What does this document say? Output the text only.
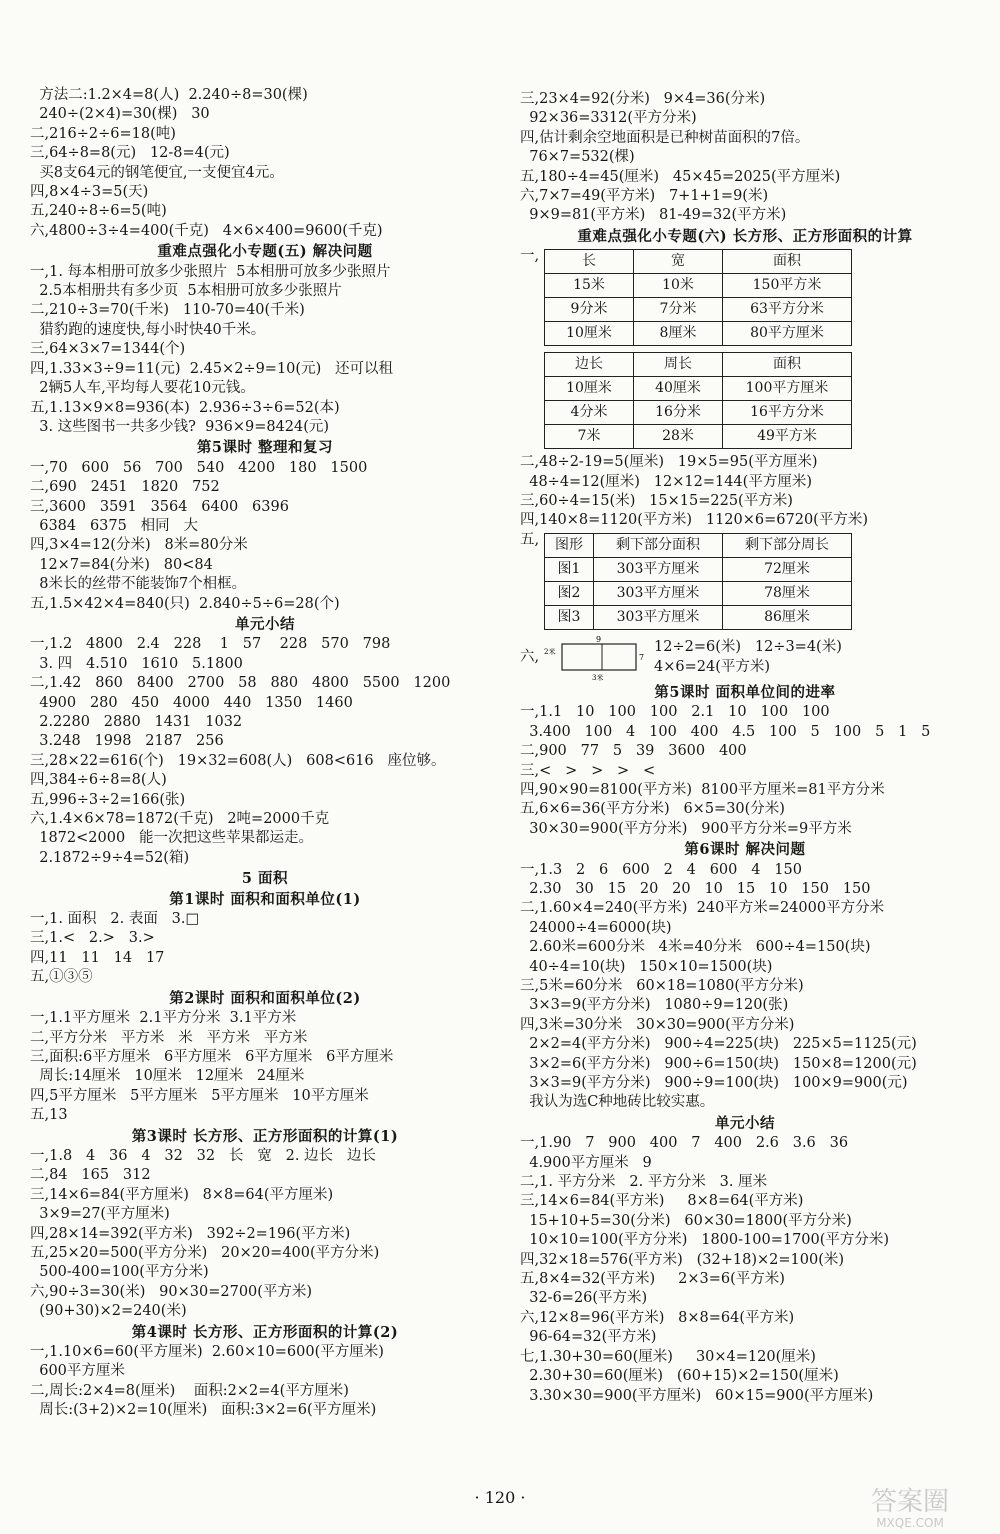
方法二:1.2×4=8(人)  2.240÷8=30(棵)
240÷(2×4)=30(棵)   30
二,216÷2÷6=18(吨)
三,64÷8=8(元)   12-8=4(元)
买8支64元的钢笔便宜,一支便宜4元。
四,8×4÷3=5(天)
五,240÷8÷6=5(吨)
六,4800÷3÷4=400(千克)   4×6×400=9600(千克)
重难点强化小专题(五) 解决问题
一,1. 每本相册可放多少张照片  5本相册可放多少张照片
2.5本相册共有多少页  5本相册可放多少张照片
二,210÷3=70(千米)   110-70=40(千米)
猎豹跑的速度快,每小时快40千米。
三,64×3×7=1344(个)
四,1.33×3÷9=11(元)  2.45×2÷9=10(元)   还可以租
2辆5人车,平均每人要花10元钱。
五,1.13×9×8=936(本)  2.936÷3÷6=52(本)
3. 这些图书一共多少钱?  936×9=8424(元)
第5课时 整理和复习
一,70   600   56   700   540   4200   180   1500
二,690   2451   1820   752
三,3600   3591   3564   6400   6396
6384   6375   相同   大
四,3×4=12(分米)   8米=80分米
12×7=84(分米)   80<84
8米长的丝带不能装饰7个相框。
五,1.5×42×4=840(只)  2.840÷5÷6=28(个)
单元小结
一,1.2   4800   2.4   228    1   57    228   570   798
3. 四   4.510   1610   5.1800
二,1.42   860   8400   2700   58   880   4800   5500   1200
4900   280   450   4000   440   1350   1460
2.2280   2880   1431   1032
3.248   1998   2187   256
三,28×22=616(个)   19×32=608(人)   608<616   座位够。
四,384÷6÷8=8(人)
五,996÷3÷2=166(张)
六,1.4×6×78=1872(千克)   2吨=2000千克
1872<2000   能一次把这些苹果都运走。
2.1872÷9÷4=52(箱)
5 面积
第1课时 面积和面积单位(1)
一,1. 面积   2. 表面   3.□
三,1.<   2.>   3.>
四,11   11   14   17
五,①③⑤
第2课时 面积和面积单位(2)
一,1.1平方厘米  2.1平方分米  3.1平方米
二,平方分米   平方米   米   平方米   平方米
三,面积:6平方厘米   6平方厘米   6平方厘米   6平方厘米
周长:14厘米   10厘米   12厘米   24厘米
四,5平方厘米   5平方厘米   5平方厘米   10平方厘米
五,13
第3课时 长方形、正方形面积的计算(1)
一,1.8   4   36   4   32   32   长   宽   2. 边长   边长
二,84   165   312
三,14×6=84(平方厘米)   8×8=64(平方厘米)
3×9=27(平方厘米)
四,28×14=392(平方米)   392÷2=196(平方米)
五,25×20=500(平方分米)   20×20=400(平方分米)
500-400=100(平方分米)
六,90÷3=30(米)   90×30=2700(平方米)
(90+30)×2=240(米)
第4课时 长方形、正方形面积的计算(2)
一,1.10×6=60(平方厘米)  2.60×10=600(平方厘米)
600平方厘米
二,周长:2×4=8(厘米)    面积:2×2=4(平方厘米)
周长:(3+2)×2=10(厘米)   面积:3×2=6(平方厘米)
三,23×4=92(分米)   9×4=36(分米)
92×36=3312(平方分米)
四,估计剩余空地面积是已种树苗面积的7倍。
76×7=532(棵)
五,180÷4=45(厘米)   45×45=2025(平方厘米)
六,7×7=49(平方米)   7+1+1=9(米)
9×9=81(平方米)   81-49=32(平方米)
重难点强化小专题(六) 长方形、正方形面积的计算
一,	长	宽	面积
15米	10米	150平方米
9分米	7分米	63平方分米
10厘米	8厘米	80平方厘米
边长	周长	面积
10厘米	40厘米	100平方厘米
4分米	16分米	16平方分米
7米	28米	49平方米
二,48÷2-19=5(厘米)   19×5=95(平方厘米)
48÷4=12(厘米)   12×12=144(平方厘米)
三,60÷4=15(米)   15×15=225(平方米)
四,140×8=1120(平方米)   1120×6=6720(平方米)
五,	图形	剩下部分面积	剩下部分周长
图1	303平方厘米	72厘米
图2	303平方厘米	78厘米
图3	303平方厘米	86厘米
六,
9
2米
7
3米
12÷2=6(米)   12÷3=4(米)
4×6=24(平方米)
第5课时 面积单位间的进率
一,1.1   10   100   100   2.1   10   100   100
3.400   100   4   100   400   4.5   100   5   100   5   1   5
二,900   77   5   39   3600   400
三,<   >   >   >   <
四,90×90=8100(平方米)  8100平方厘米=81平方分米
五,6×6=36(平方分米)   6×5=30(分米)
30×30=900(平方分米)   900平方分米=9平方米
第6课时 解决问题
一,1.3   2   6   600   2   4   600   4   150
2.30   30   15   20   20   10   15   10   150   150
二,1.60×4=240(平方米)  240平方米=24000平方分米
24000÷4=6000(块)
2.60米=600分米   4米=40分米   600÷4=150(块)
40÷4=10(块)   150×10=1500(块)
三,5米=60分米   60×18=1080(平方分米)
3×3=9(平方分米)   1080÷9=120(张)
四,3米=30分米   30×30=900(平方分米)
2×2=4(平方分米)   900÷4=225(块)   225×5=1125(元)
3×2=6(平方分米)   900÷6=150(块)   150×8=1200(元)
3×3=9(平方分米)   900÷9=100(块)   100×9=900(元)
我认为选C种地砖比较实惠。
单元小结
一,1.90   7   900   400   7   400   2.6   3.6   36
4.900平方厘米   9
二,1. 平方分米   2. 平方分米   3. 厘米
三,14×6=84(平方米)     8×8=64(平方米)
15+10+5=30(分米)   60×30=1800(平方分米)
10×10=100(平方分米)   1800-100=1700(平方分米)
四,32×18=576(平方米)   (32+18)×2=100(米)
五,8×4=32(平方米)     2×3=6(平方米)
32-6=26(平方米)
六,12×8=96(平方米)   8×8=64(平方米)
96-64=32(平方米)
七,1.30+30=60(厘米)     30×4=120(厘米)
2.30+30=60(厘米)   (60+15)×2=150(厘米)
3.30×30=900(平方厘米)   60×15=900(平方厘米)
· 120 ·	答案圈
MXQE.COM
